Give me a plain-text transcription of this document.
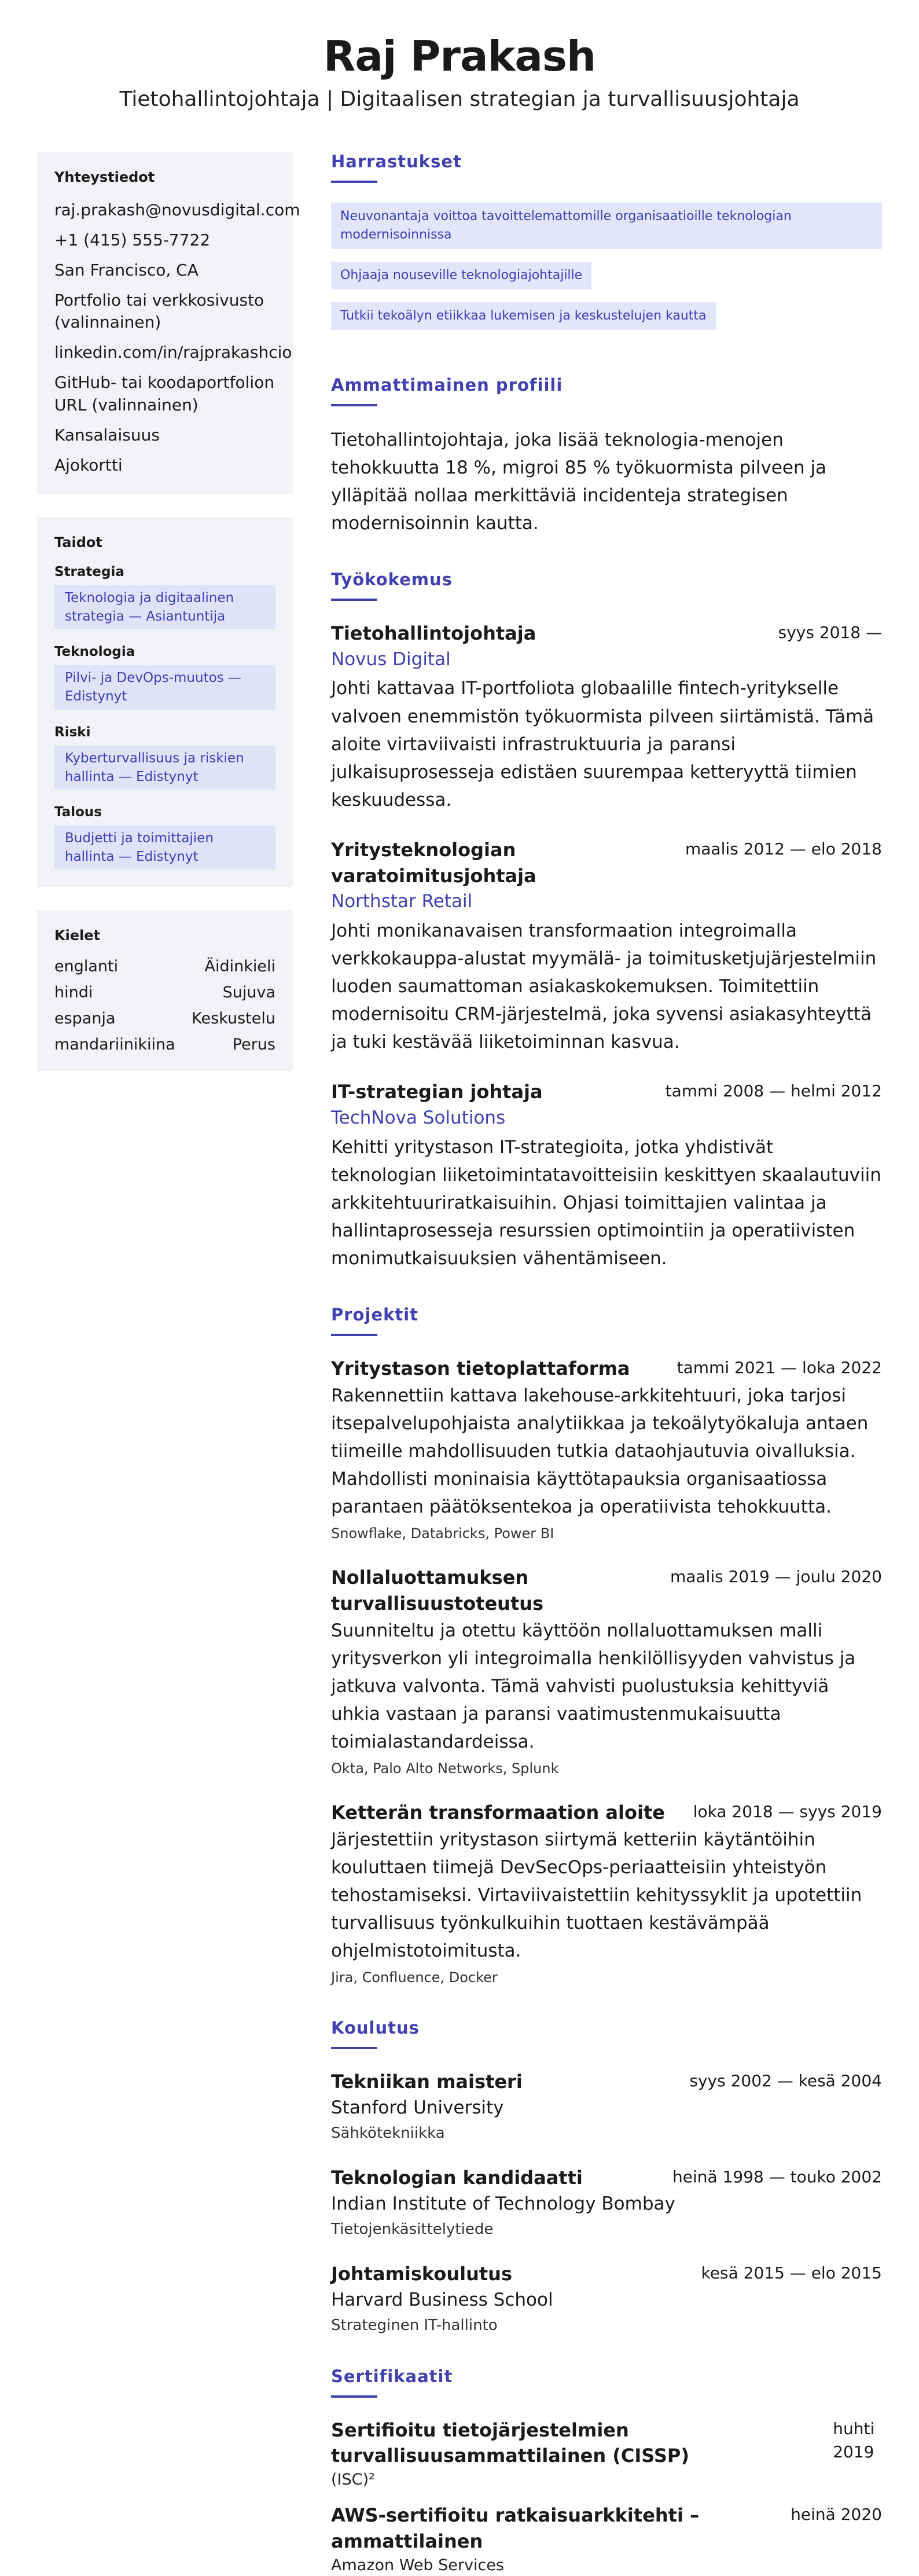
Raj Prakash
Tietohallintojohtaja | Digitaalisen strategian ja turvallisuusjohtaja
Yhteystiedot
raj.prakash@novusdigital.com
+1 (415) 555-7722
San Francisco, CA
Portfolio tai verkkosivusto (valinnainen)
linkedin.com/in/rajprakashcio
GitHub- tai koodaportfolion URL (valinnainen)
Kansalaisuus
Ajokortti
Taidot
Strategia
Teknologia ja digitaalinen strategia — Asiantuntija
Teknologia
Pilvi- ja DevOps-muutos — Edistynyt
Riski
Kyberturvallisuus ja riskien hallinta — Edistynyt
Talous
Budjetti ja toimittajien hallinta — Edistynyt
Kielet
englanti	Äidinkieli
hindi	Sujuva
espanja	Keskustelu
mandariinikiina	Perus
Harrastukset
Neuvonantaja voittoa tavoittelemattomille organisaatioille teknologian modernisoinnissa
Ohjaaja nouseville teknologiajohtajille
Tutkii tekoälyn etiikkaa lukemisen ja keskustelujen kautta
Ammattimainen profiili
Tietohallintojohtaja, joka lisää teknologia-menojen tehokkuutta 18 %, migroi 85 % työkuormista pilveen ja ylläpitää nollaa merkittäviä incidenteja strategisen modernisoinnin kautta.
Työkokemus
Tietohallintojohtaja	syys 2018 —
Novus Digital
Johti kattavaa IT-portfoliota globaalille fintech-yritykselle valvoen enemmistön työkuormista pilveen siirtämistä. Tämä aloite virtaviivaisti infrastruktuuria ja paransi julkaisuprosesseja edistäen suurempaa ketteryyttä tiimien keskuudessa.
Yritysteknologian varatoimitusjohtaja
maalis 2012 — elo 2018
Northstar Retail
Johti monikanavaisen transformaation integroimalla verkkokauppa-alustat myymälä- ja toimitusketjujärjestelmiin luoden saumattoman asiakaskokemuksen. Toimitettiin modernisoitu CRM-järjestelmä, joka syvensi asiakasyhteyttä ja tuki kestävää liiketoiminnan kasvua.
IT-strategian johtaja	tammi 2008 — helmi 2012
TechNova Solutions
Kehitti yritystason IT-strategioita, jotka yhdistivät teknologian liiketoimintatavoitteisiin keskittyen skaalautuviin arkkitehtuuriratkaisuihin. Ohjasi toimittajien valintaa ja hallintaprosesseja resurssien optimointiin ja operatiivisten monimutkaisuuksien vähentämiseen.
Projektit
Yritystason tietoplattaforma	tammi 2021 — loka 2022
Rakennettiin kattava lakehouse-arkkitehtuuri, joka tarjosi itsepalvelupohjaista analytiikkaa ja tekoälytyökaluja antaen tiimeille mahdollisuuden tutkia dataohjautuvia oivalluksia. Mahdollisti moninaisia käyttötapauksia organisaatiossa parantaen päätöksentekoa ja operatiivista tehokkuutta.
Snowflake, Databricks, Power BI
Nollaluottamuksen turvallisuustoteutus
maalis 2019 — joulu 2020
Suunniteltu ja otettu käyttöön nollaluottamuksen malli yritysverkon yli integroimalla henkilöllisyyden vahvistus ja jatkuva valvonta. Tämä vahvisti puolustuksia kehittyviä uhkia vastaan ja paransi vaatimustenmukaisuutta toimialastandardeissa.
Okta, Palo Alto Networks, Splunk
Ketterän transformaation aloite	loka 2018 — syys 2019
Järjestettiin yritystason siirtymä ketteriin käytäntöihin kouluttaen tiimejä DevSecOps-periaatteisiin yhteistyön tehostamiseksi. Virtaviivaistettiin kehityssyklit ja upotettiin turvallisuus työnkulkuihin tuottaen kestävämpää ohjelmistotoimitusta.
Jira, Confluence, Docker
Koulutus
Tekniikan maisteri	syys 2002 — kesä 2004
Stanford University
Sähkötekniikka
Teknologian kandidaatti	heinä 1998 — touko 2002
Indian Institute of Technology Bombay
Tietojenkäsittelytiede
Johtamiskoulutus	kesä 2015 — elo 2015
Harvard Business School
Strateginen IT-hallinto
Sertifikaatit
Sertifioitu tietojärjestelmien turvallisuusammattilainen (CISSP)
huhti 2019
(ISC)²
AWS-sertifioitu ratkaisuarkkitehti – ammattilainen
heinä 2020
Amazon Web Services
